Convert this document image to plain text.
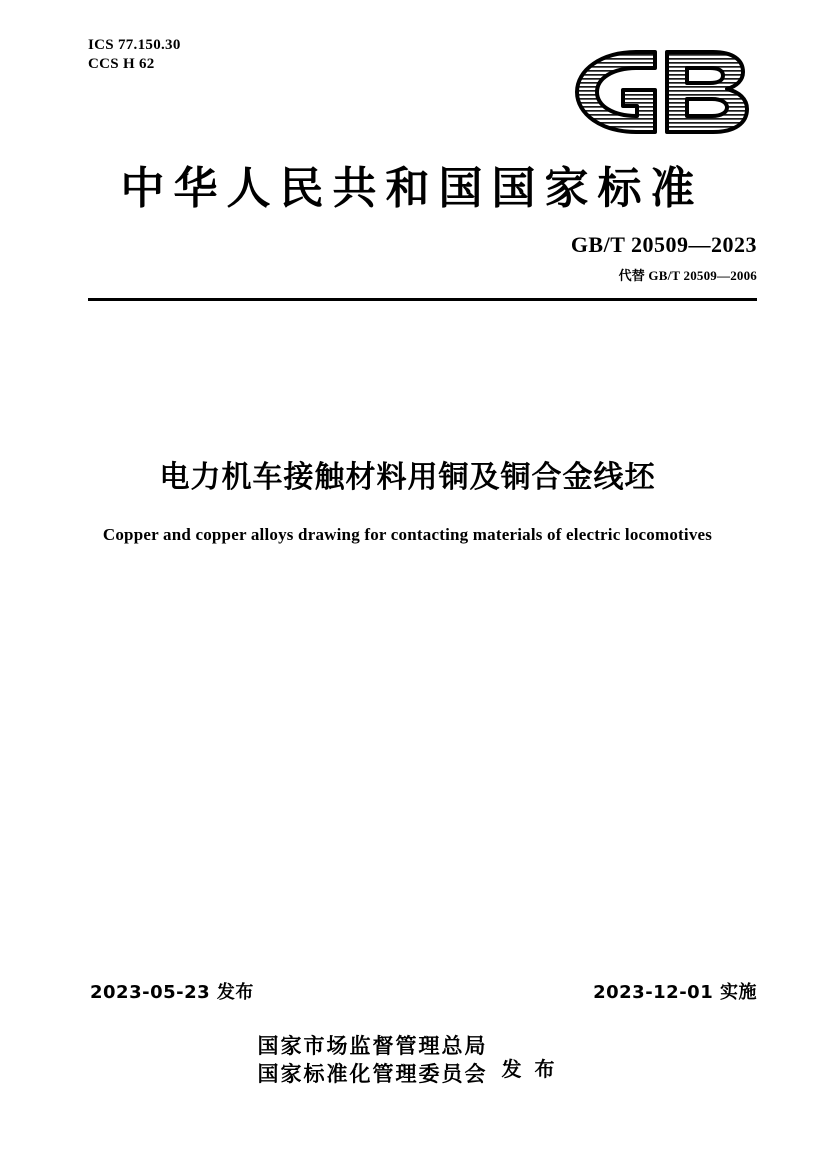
ICS 77.150.30
CCS H 62
中华人民共和国国家标准
GB/T 20509—2023
代替 GB/T 20509—2006
电力机车接触材料用铜及铜合金线坯
Copper and copper alloys drawing for contacting materials of electric locomotives
2023-05-23 发布	2023-12-01 实施
国家市场监督管理总局
国家标准化管理委员会 发 布
